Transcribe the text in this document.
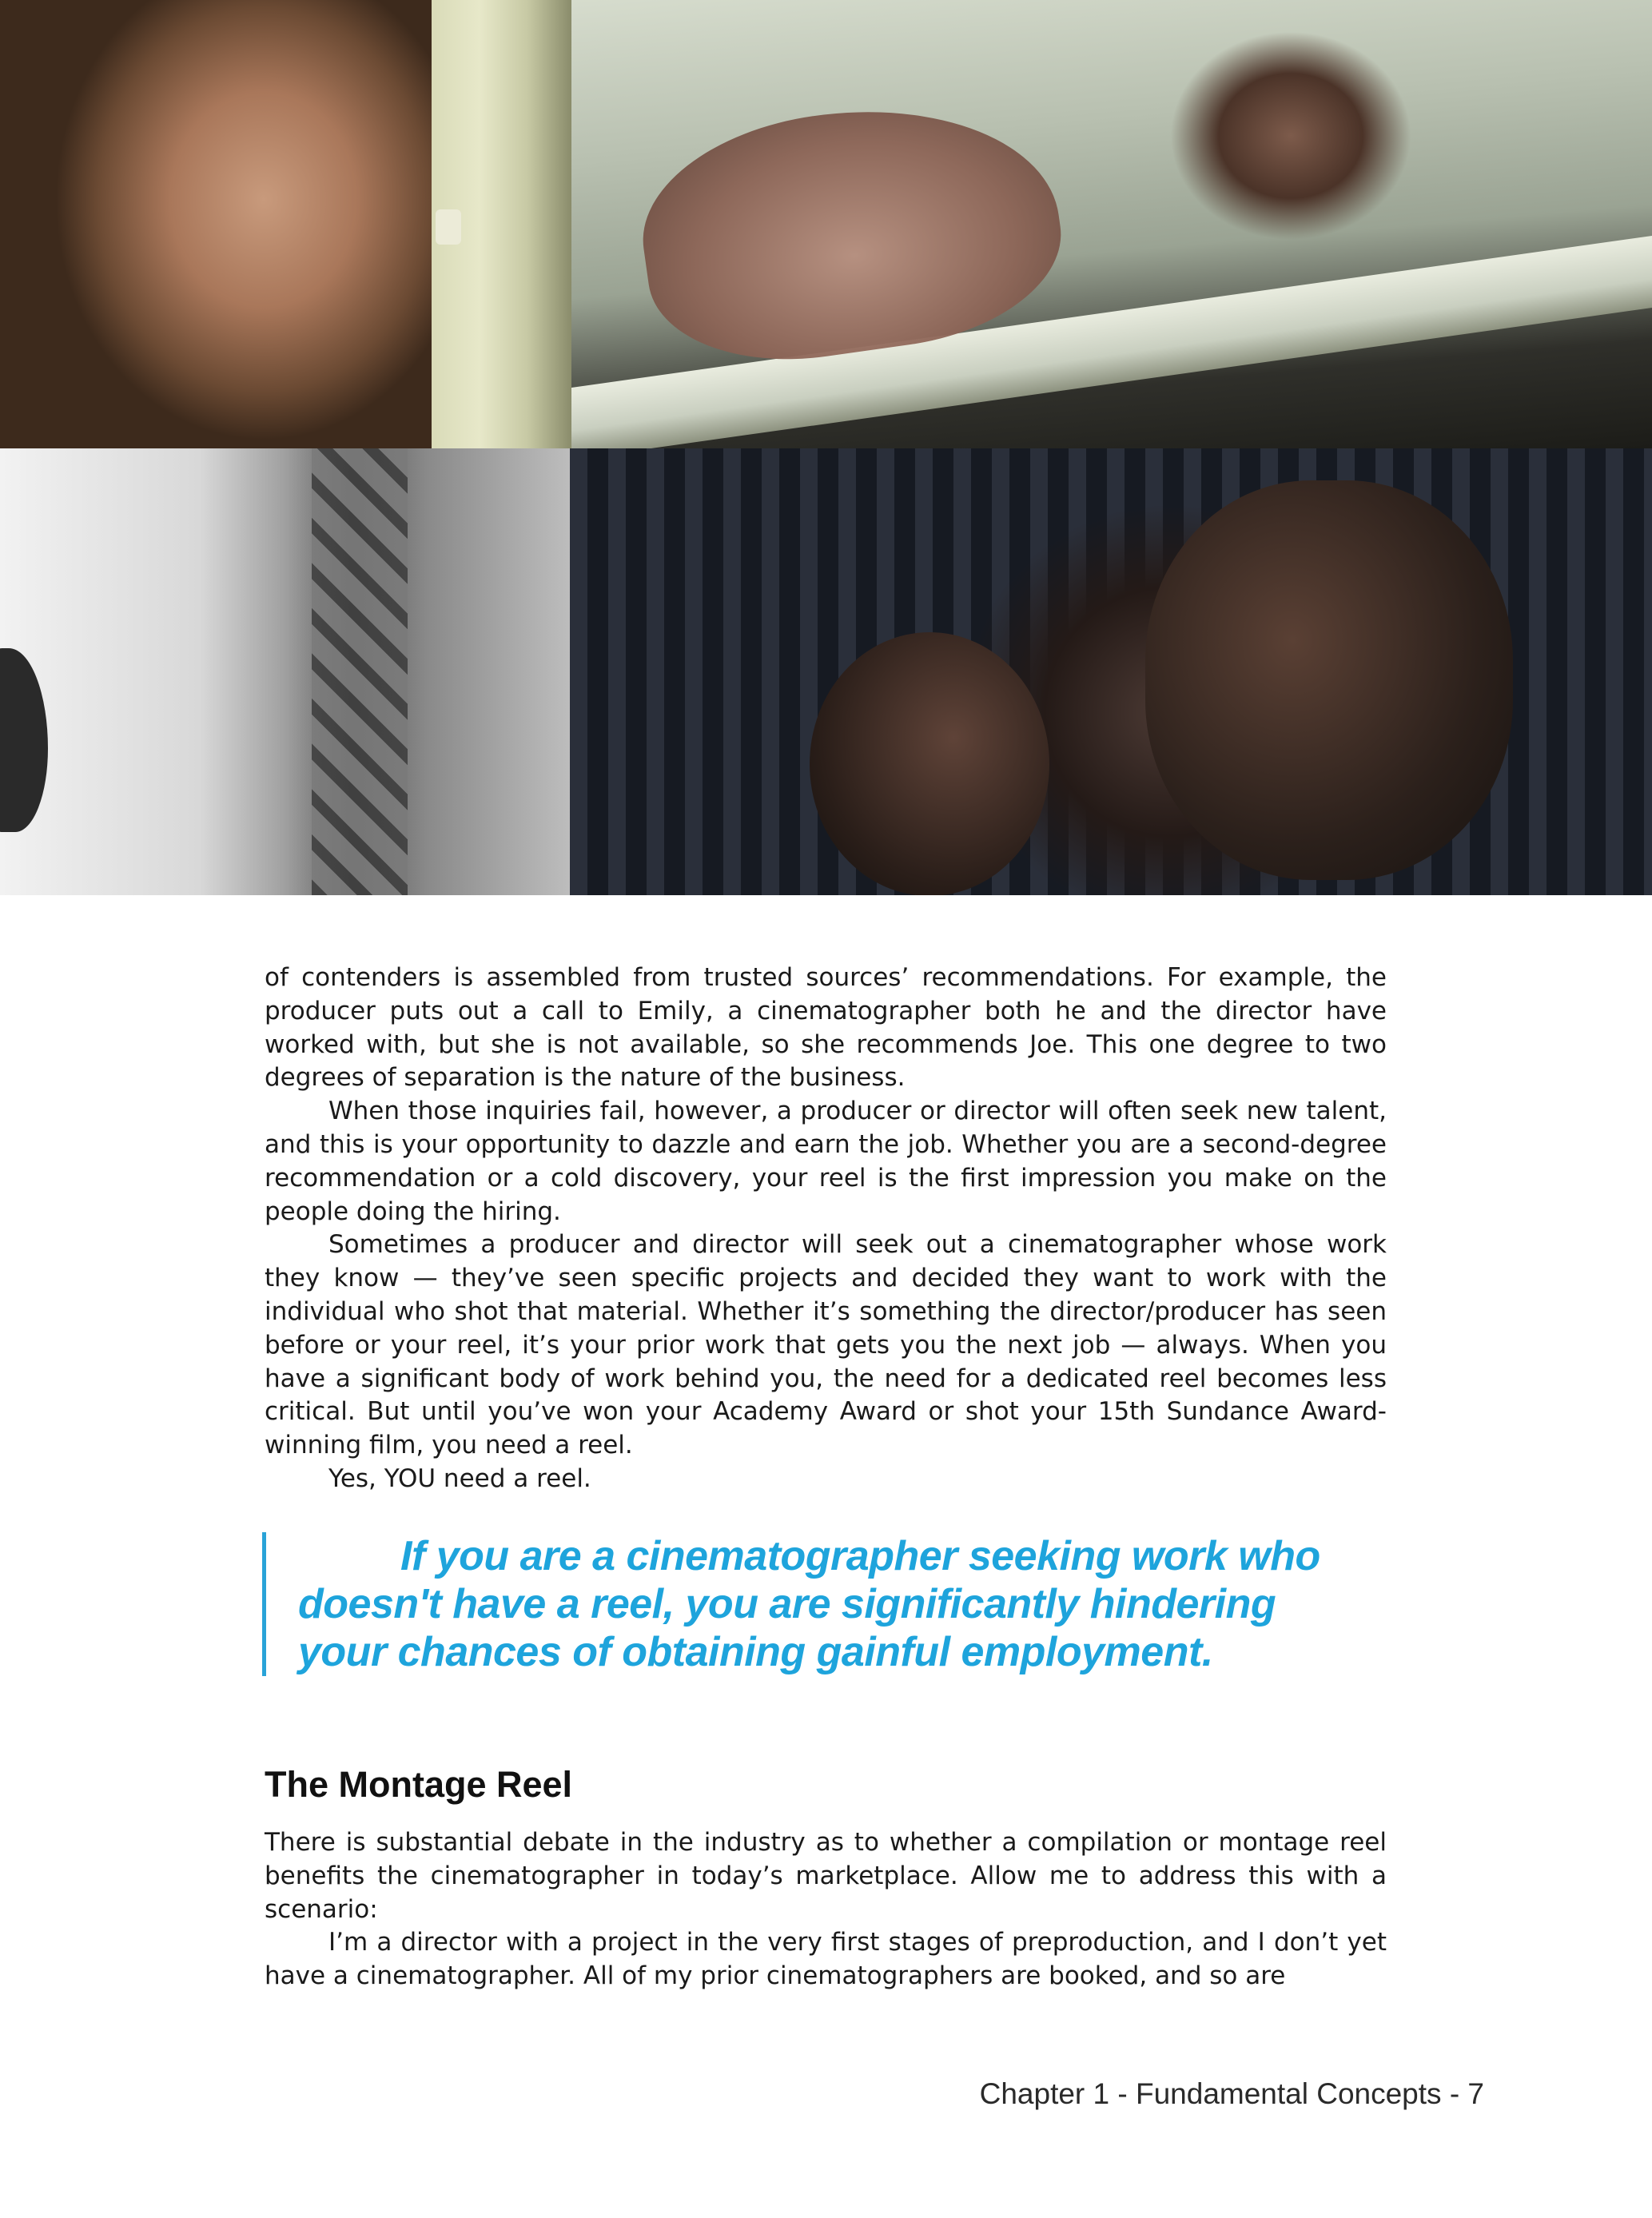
of contenders is assembled from trusted sources’ recommendations. For example, the producer puts out a call to Emily, a cinematographer both he and the director have worked with, but she is not available, so she recommends Joe. This one degree to two degrees of separation is the nature of the business.

When those inquiries fail, however, a producer or director will often seek new talent, and this is your opportunity to dazzle and earn the job. Whether you are a second-degree recommendation or a cold discovery, your reel is the first impression you make on the people doing the hiring.

Sometimes a producer and director will seek out a cinematographer whose work they know — they’ve seen specific projects and decided they want to work with the individual who shot that material. Whether it’s something the director/producer has seen before or your reel, it’s your prior work that gets you the next job — always. When you have a significant body of work behind you, the need for a dedicated reel becomes less critical. But until you’ve won your Academy Award or shot your 15th Sundance Award-winning film, you need a reel.

Yes, YOU need a reel.

If you are a cinematographer seeking work who
doesn't have a reel, you are significantly hindering
your chances of obtaining gainful employment.
The Montage Reel

There is substantial debate in the industry as to whether a compilation or montage reel benefits the cinematographer in today’s marketplace. Allow me to address this with a scenario:

I’m a director with a project in the very first stages of preproduction, and I don’t yet have a cinematographer. All of my prior cinematographers are booked, and so are

Chapter 1 - Fundamental Concepts - 7
